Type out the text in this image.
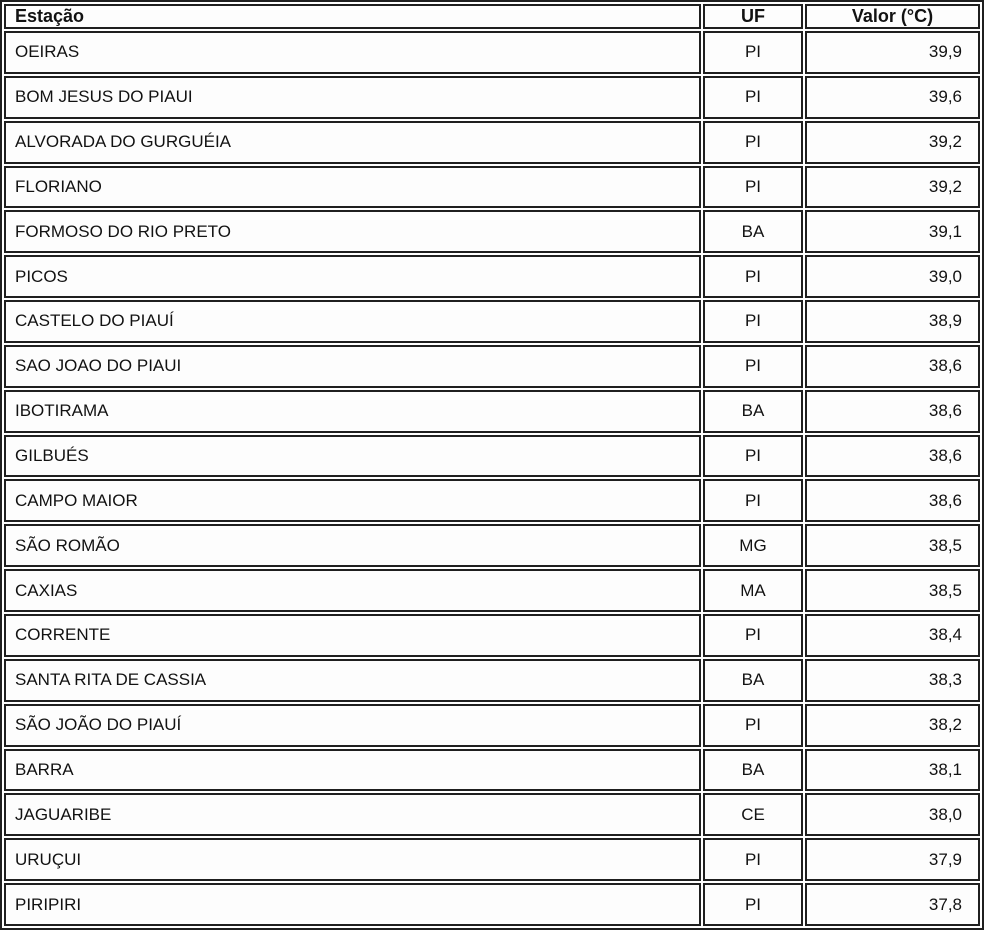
Estação	UF	Valor (°C)
OEIRAS	PI	39,9
BOM JESUS DO PIAUI	PI	39,6
ALVORADA DO GURGUÉIA	PI	39,2
FLORIANO	PI	39,2
FORMOSO DO RIO PRETO	BA	39,1
PICOS	PI	39,0
CASTELO DO PIAUÍ	PI	38,9
SAO JOAO DO PIAUI	PI	38,6
IBOTIRAMA	BA	38,6
GILBUÉS	PI	38,6
CAMPO MAIOR	PI	38,6
SÃO ROMÃO	MG	38,5
CAXIAS	MA	38,5
CORRENTE	PI	38,4
SANTA RITA DE CASSIA	BA	38,3
SÃO JOÃO DO PIAUÍ	PI	38,2
BARRA	BA	38,1
JAGUARIBE	CE	38,0
URUÇUI	PI	37,9
PIRIPIRI	PI	37,8
